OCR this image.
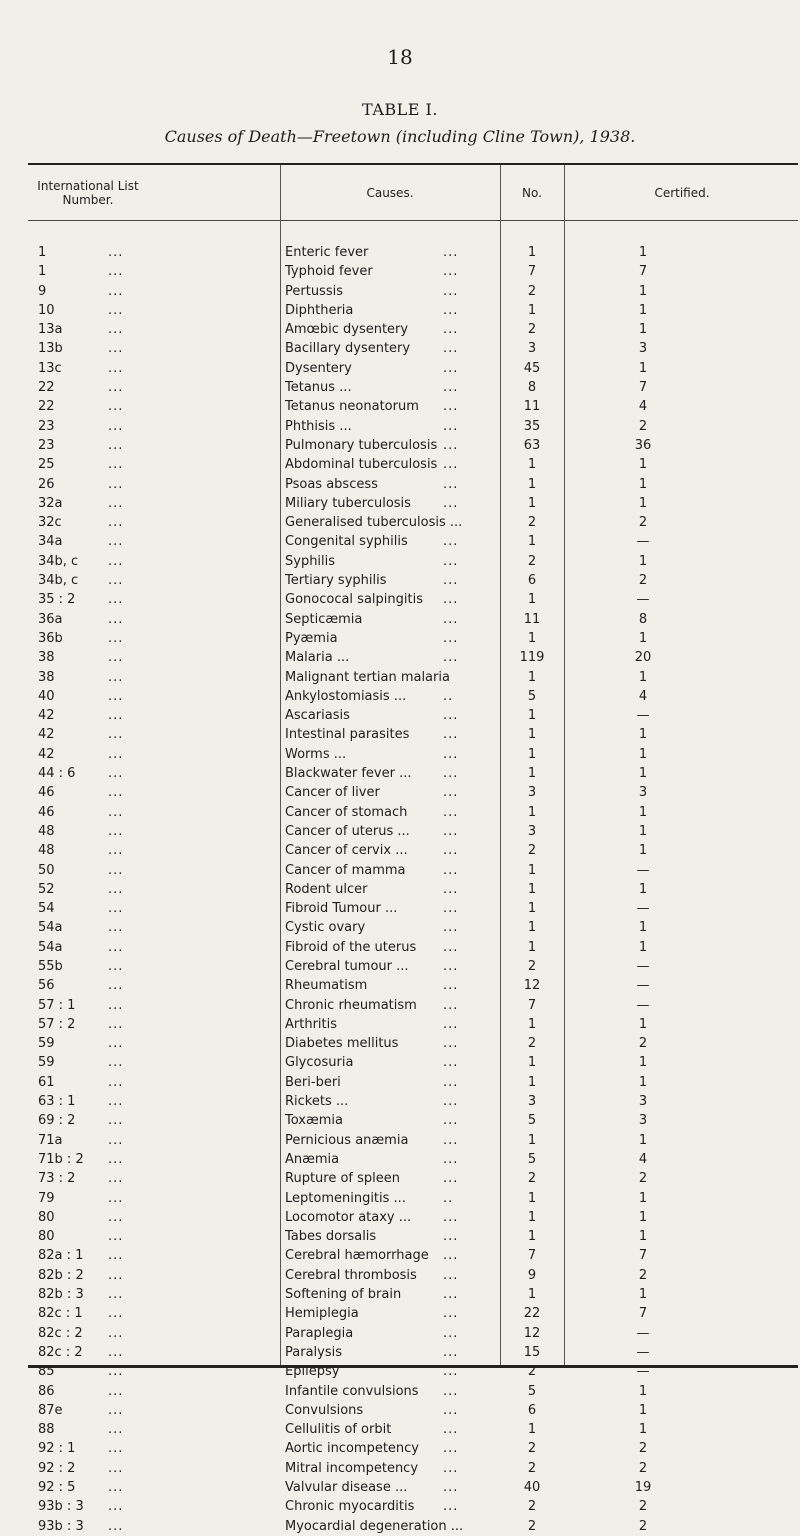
18
TABLE I.
Causes of Death—Freetown (including Cline Town), 1938.
International List Number.	Causes.	No.	Certified.
1	...	Enteric fever	...	1	1
1	...	Typhoid fever	...	7	7
9	...	Pertussis	...	2	1
10	...	Diphtheria	...	1	1
13a	...	Amœbic dysentery	...	2	1
13b	...	Bacillary dysentery	...	3	3
13c	...	Dysentery	...	45	1
22	...	Tetanus ...	...	8	7
22	...	Tetanus neonatorum ...	11	4
23	...	Phthisis ...	...	35	2
23	...	Pulmonary tuberculosis ...	63	36
25	...	Abdominal tuberculosis ...	1	1
26	...	Psoas abscess	...	1	1
32a	...	Miliary tuberculosis ...	1	1
32c	...	Generalised tuberculosis ...	2	2
34a	...	Congenital syphilis	...	1	—
34b, c ...	Syphilis	...	2	1
34b, c ...	Tertiary syphilis	...	6	2
35 : 2	...	Gonococal salpingitis ...	1	—
36a	...	Septicæmia	...	11	8
36b	...	Pyæmia	...	1	1
38	...	Malaria ...	...	119	20
38	...	Malignant tertian malaria	1	1
40	...	Ankylostomiasis ...	..	5	4
42	...	Ascariasis	...	1	—
42	...	Intestinal parasites	...	1	1
42	...	Worms ...	...	1	1
44 : 6	...	Blackwater fever ... ...	1	1
46	...	Cancer of liver	...	3	3
46	...	Cancer of stomach	...	1	1
48	...	Cancer of uterus ...	...	3	1
48	...	Cancer of cervix ...	...	2	1
50	...	Cancer of mamma	...	1	—
52	...	Rodent ulcer	...	1	1
54	...	Fibroid Tumour ...	...	1	—
54a	...	Cystic ovary	...	1	1
54a	...	Fibroid of the uterus ...	1	1
55b	...	Cerebral tumour ...	...	2	—
56	...	Rheumatism	...	12	—
57 : 1	...	Chronic rheumatism ...	7	—
57 : 2	...	Arthritis	...	1	1
59	...	Diabetes mellitus	...	2	2
59	...	Glycosuria	...	1	1
61	...	Beri-beri	...	1	1
63 : 1	...	Rickets ...	...	3	3
69 : 2	...	Toxæmia	...	5	3
71a	...	Pernicious anæmia	...	1	1
71b : 2 ...	Anæmia	...	5	4
73 : 2	...	Rupture of spleen	...	2	2
79	...	Leptomeningitis ...	..	1	1
80	...	Locomotor ataxy ... ...	1	1
80	...	Tabes dorsalis	...	1	1
82a : 1 ...	Cerebral hæmorrhage ...	7	7
82b : 2 ...	Cerebral thrombosis ...	9	2
82b : 3 ...	Softening of brain	...	1	1
82c : 1 ...	Hemiplegia	...	22	7
82c : 2 ...	Paraplegia	...	12	—
82c : 2 ...	Paralysis	...	15	—
85	...	Epilepsy	...	2	—
86	...	Infantile convulsions ...	5	1
87e	...	Convulsions	...	6	1
88	...	Cellulitis of orbit	...	1	1
92 : 1	...	Aortic incompetency ...	2	2
92 : 2	...	Mitral incompetency ...	2	2
92 : 5	...	Valvular disease ...	...	40	19
93b : 3 ...	Chronic myocarditis ...	2	2
93b : 3 ...	Myocardial degeneration ...	2	2
